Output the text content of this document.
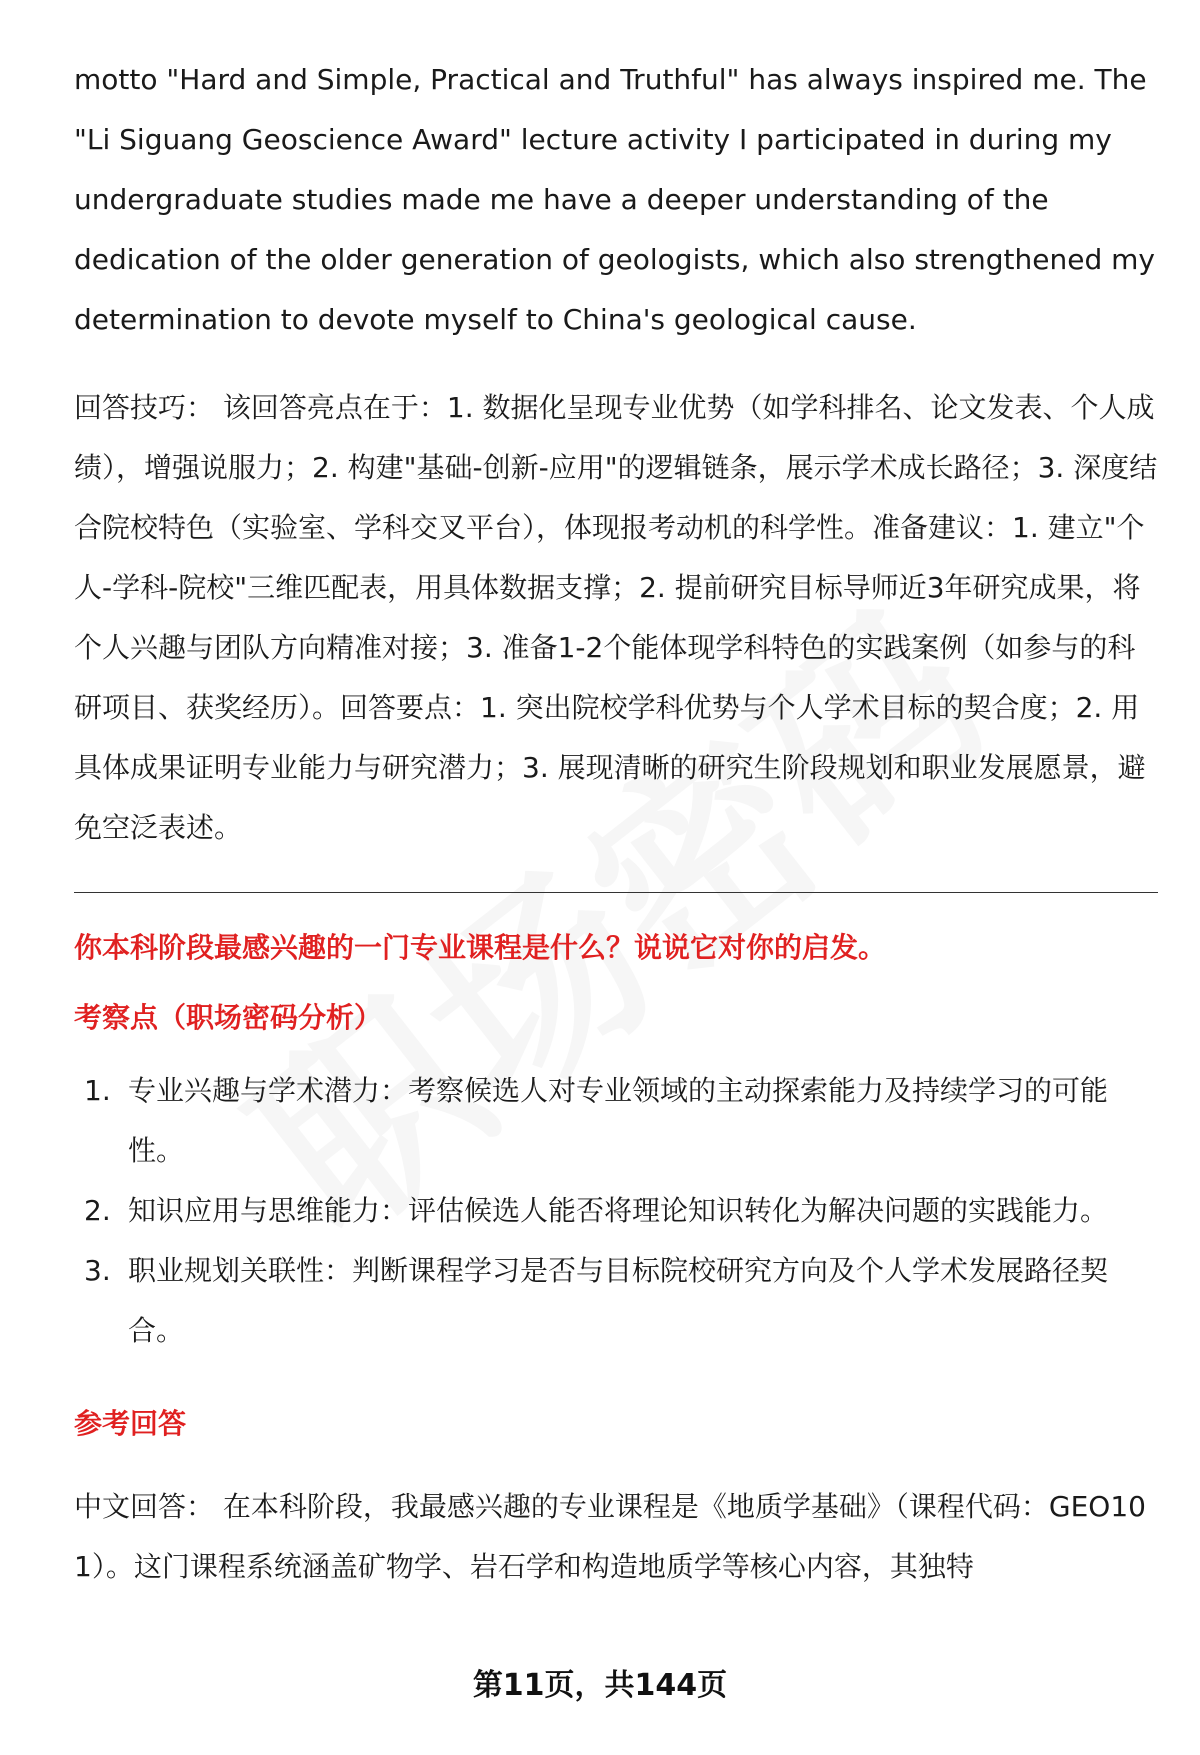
motto "Hard and Simple, Practical and Truthful" has always inspired me. The "Li Siguang Geoscience Award" lecture activity I participated in during my undergraduate studies made me have a deeper understanding of the dedication of the older generation of geologists, which also strengthened my determination to devote myself to China's geological cause.

回答技巧： 该回答亮点在于：1. 数据化呈现专业优势（如学科排名、论文发表、个人成绩），增强说服力；2. 构建"基础-创新-应用"的逻辑链条，展示学术成长路径；3. 深度结合院校特色（实验室、学科交叉平台），体现报考动机的科学性。准备建议：1. 建立"个人-学科-院校"三维匹配表，用具体数据支撑；2. 提前研究目标导师近3年研究成果，将个人兴趣与团队方向精准对接；3. 准备1-2个能体现学科特色的实践案例（如参与的科研项目、获奖经历）。回答要点：1. 突出院校学科优势与个人学术目标的契合度；2. 用具体成果证明专业能力与研究潜力；3. 展现清晰的研究生阶段规划和职业发展愿景，避免空泛表述。

你本科阶段最感兴趣的一门专业课程是什么？说说它对你的启发。

考察点（职场密码分析）

1. 专业兴趣与学术潜力：考察候选人对专业领域的主动探索能力及持续学习的可能性。
2. 知识应用与思维能力：评估候选人能否将理论知识转化为解决问题的实践能力。
3. 职业规划关联性：判断课程学习是否与目标院校研究方向及个人学术发展路径契合。

参考回答

中文回答： 在本科阶段，我最感兴趣的专业课程是《地质学基础》（课程代码：GEO101）。这门课程系统涵盖矿物学、岩石学和构造地质学等核心内容，其独特

第11页，共144页
